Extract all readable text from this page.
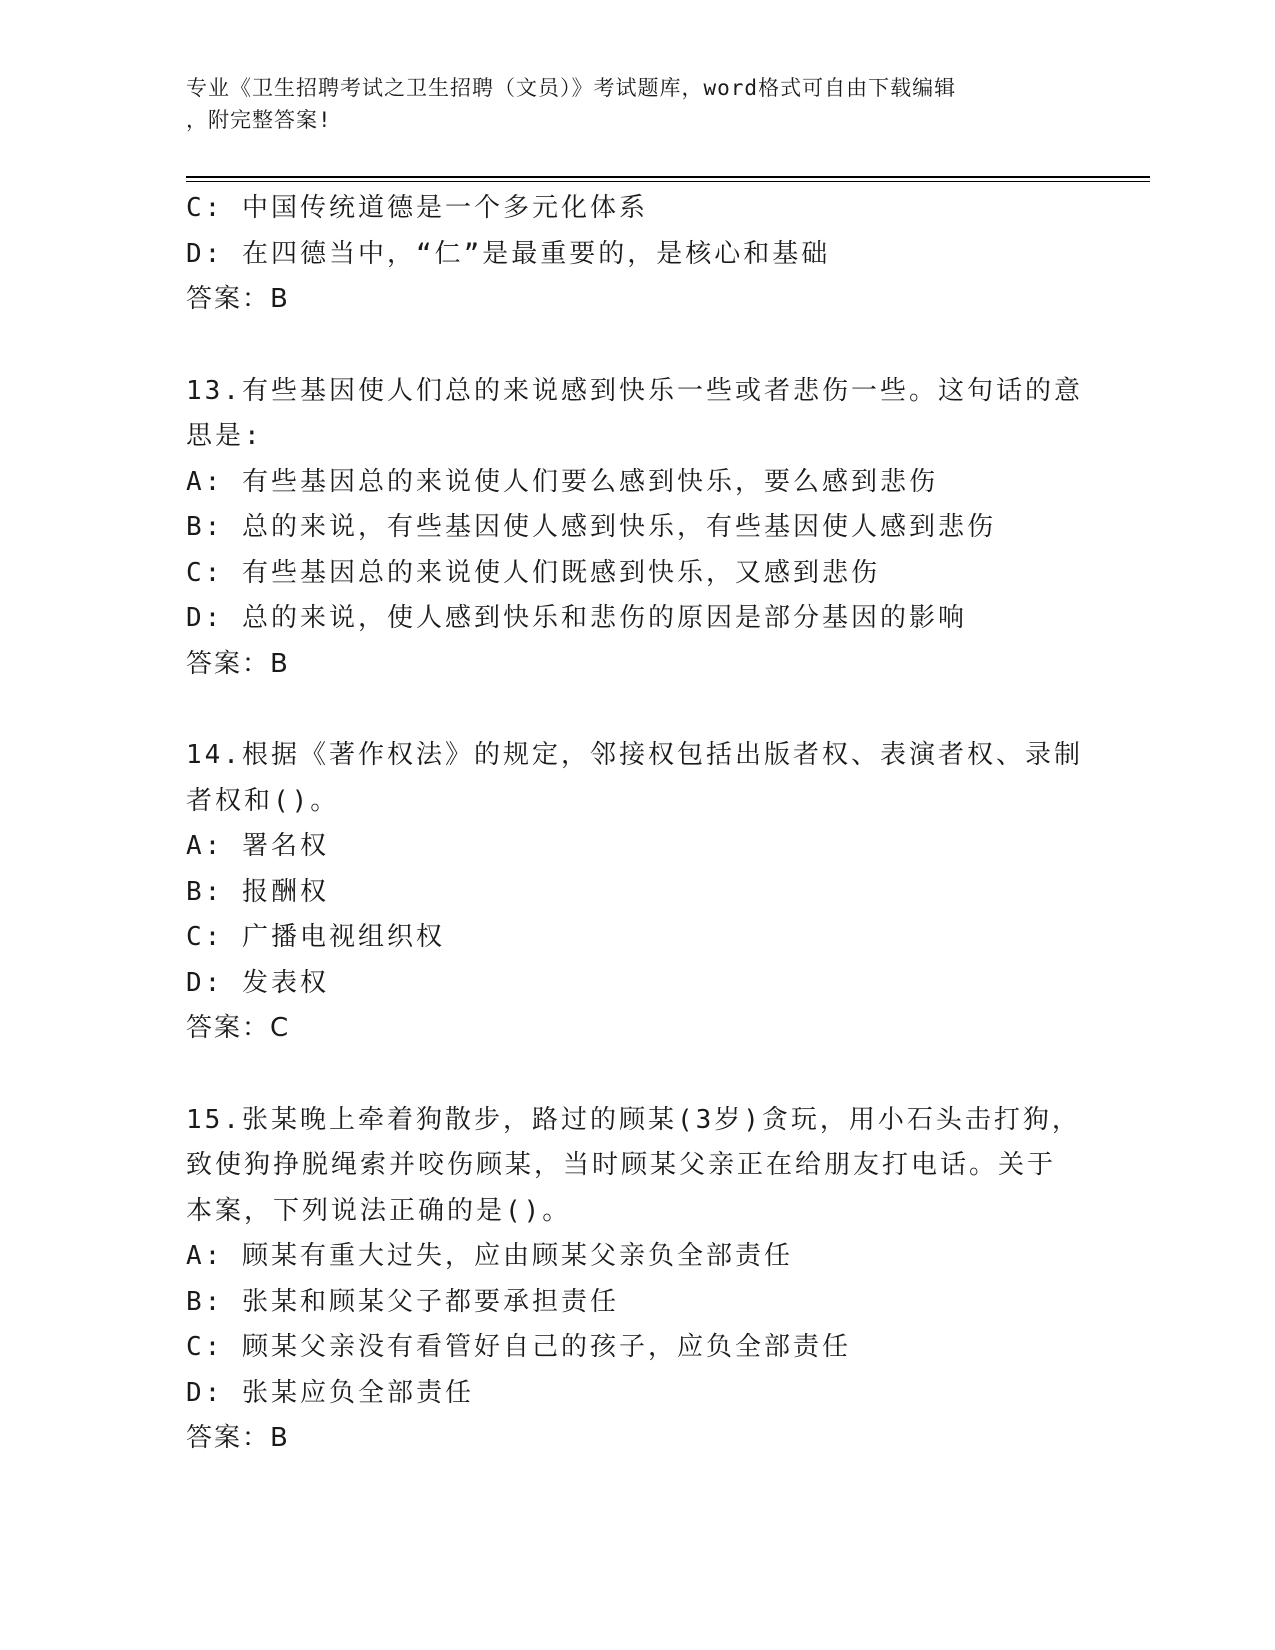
专业《卫生招聘考试之卫生招聘（文员）》考试题库，word格式可自由下载编辑
，附完整答案!
C: 中国传统道德是一个多元化体系
D: 在四德当中，“仁”是最重要的，是核心和基础
答案：B
13.有些基因使人们总的来说感到快乐一些或者悲伤一些。这句话的意
思是:
A: 有些基因总的来说使人们要么感到快乐，要么感到悲伤
B: 总的来说，有些基因使人感到快乐，有些基因使人感到悲伤
C: 有些基因总的来说使人们既感到快乐，又感到悲伤
D: 总的来说，使人感到快乐和悲伤的原因是部分基因的影响
答案：B
14.根据《著作权法》的规定，邻接权包括出版者权、表演者权、录制
者权和()。
A: 署名权
B: 报酬权
C: 广播电视组织权
D: 发表权
答案：C
15.张某晚上牵着狗散步，路过的顾某(3岁)贪玩，用小石头击打狗，
致使狗挣脱绳索并咬伤顾某，当时顾某父亲正在给朋友打电话。关于
本案，下列说法正确的是()。
A: 顾某有重大过失，应由顾某父亲负全部责任
B: 张某和顾某父子都要承担责任
C: 顾某父亲没有看管好自己的孩子，应负全部责任
D: 张某应负全部责任
答案：B
